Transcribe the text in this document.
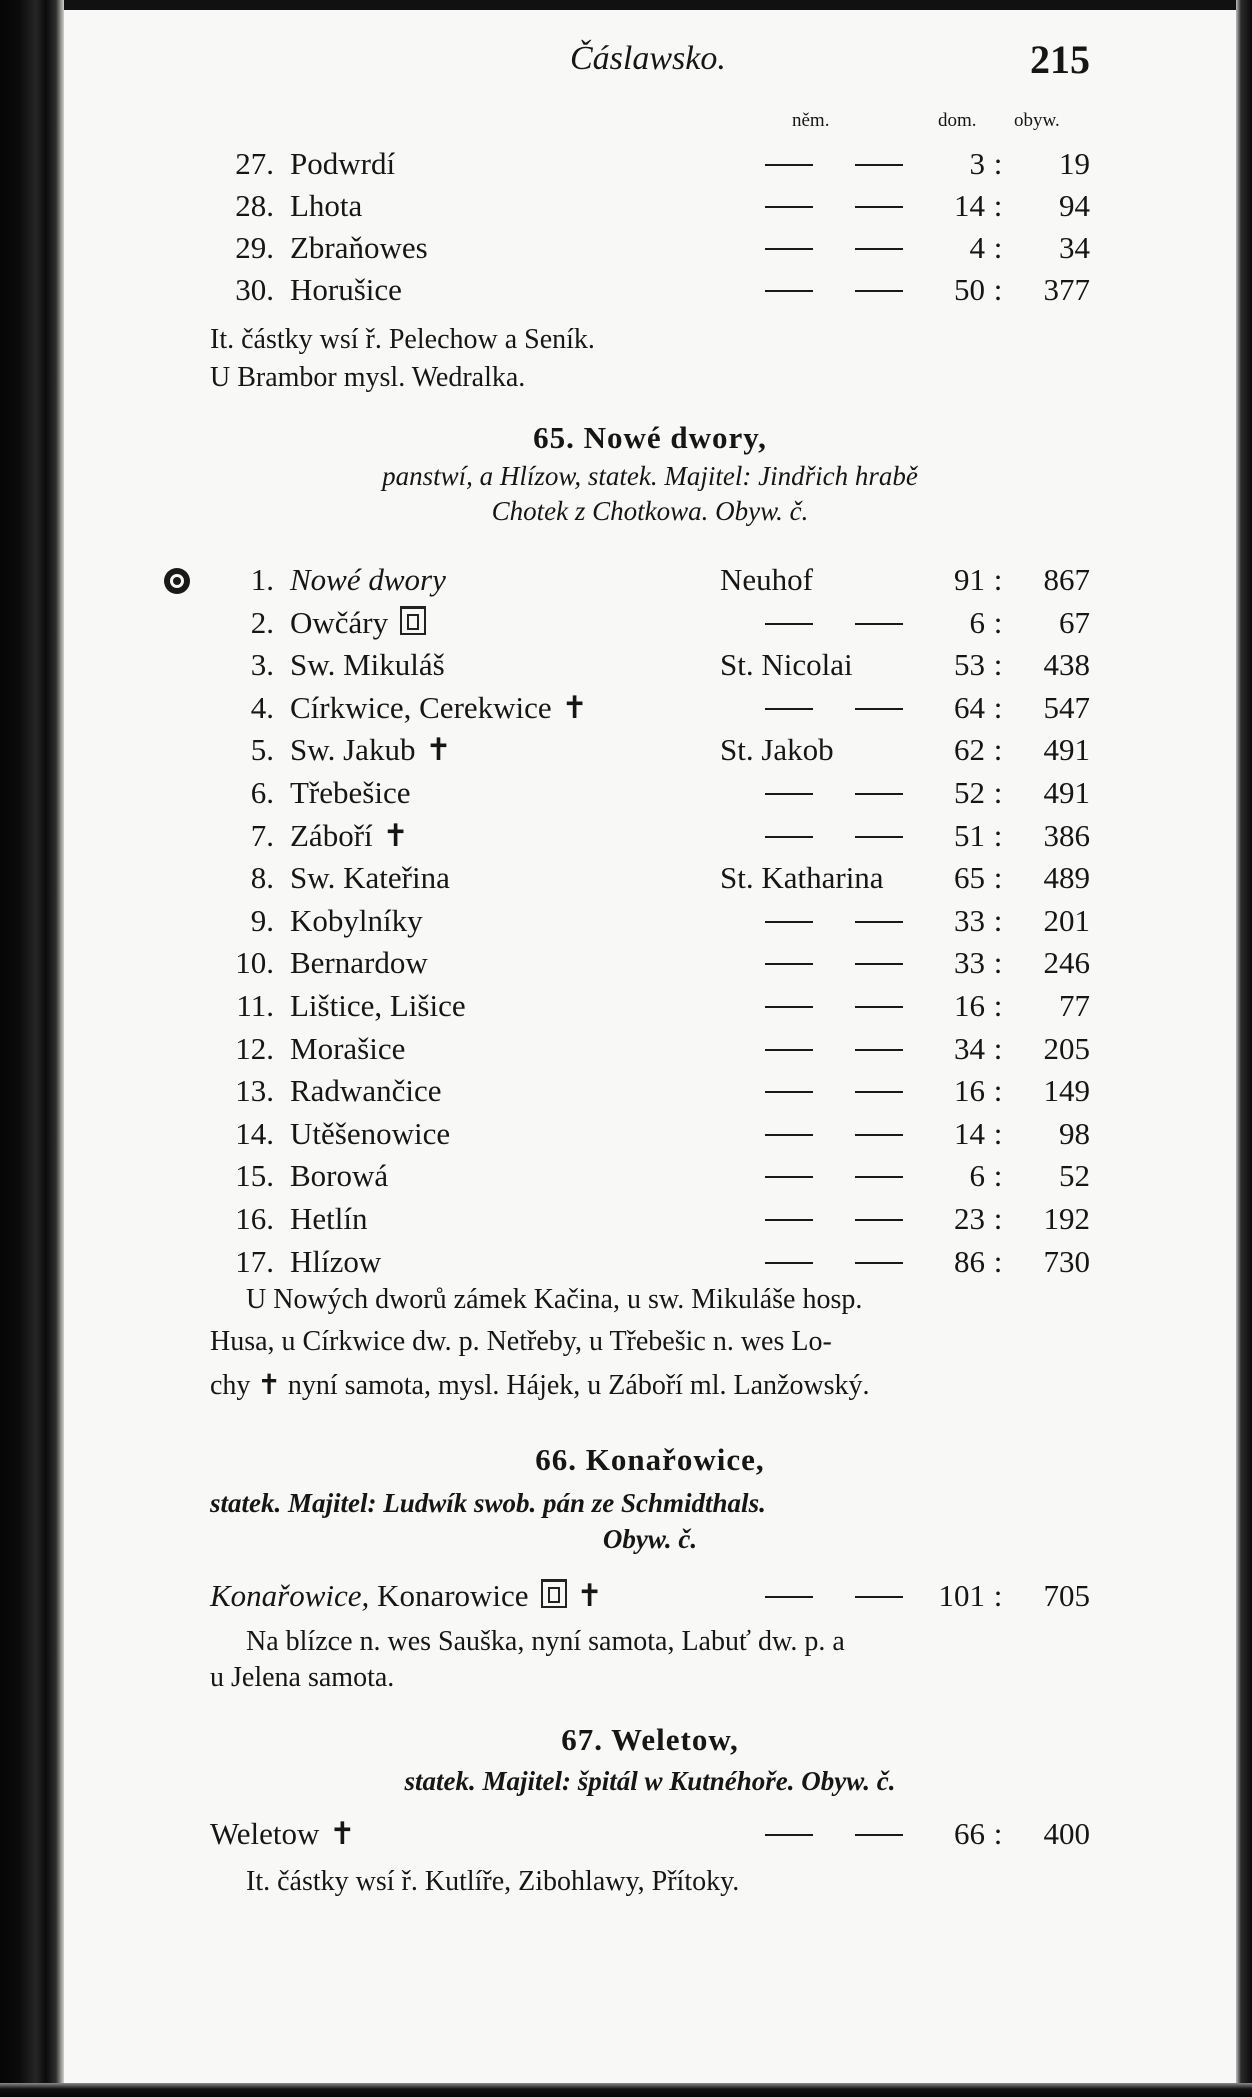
Čáslawsko.	215
něm.	dom. obyw.
27. Podwrdí	3 :	19
28. Lhota	14 :	94
29. Zbraňowes	4 :	34
30. Horušice	50 :	377
It. částky wsí ř. Pelechow a Seník.
U Brambor mysl. Wedralka.
65. Nowé dwory,
panstwí, a Hlízow, statek. Majitel: Jindřich hrabě
Chotek z Chotkowa. Obyw. č.
1. Nowé dwory	Neuhof	91 :	867
2. Owčáry	6 :	67
3. Sw. Mikuláš	St. Nicolai	53 :	438
4. Církwice, Cerekwice ✝	64 :	547
5. Sw. Jakub ✝	St. Jakob	62 :	491
6. Třebešice	52 :	491
7. Záboří ✝	51 :	386
8. Sw. Kateřina	St. Katharina	65 :	489
9. Kobylníky	33 :	201
10. Bernardow	33 :	246
11. Lištice, Lišice	16 :	77
12. Morašice	34 :	205
13. Radwančice	16 :	149
14. Utěšenowice	14 :	98
15. Borowá	6 :	52
16. Hetlín	23 :	192
17. Hlízow	86 :	730
U Nowých dworů zámek Kačina, u sw. Mikuláše hosp.
Husa, u Církwice dw. p. Netřeby, u Třebešic n. wes Lo-
chy ✝ nyní samota, mysl. Hájek, u Záboří ml. Lanžowský.
66. Konařowice,
statek. Majitel: Ludwík swob. pán ze Schmidthals.
Obyw. č.
Konařowice, Konarowice ✝	101 :	705
Na blízce n. wes Sauška, nyní samota, Labuť dw. p. a
u Jelena samota.
67. Weletow,
statek. Majitel: špitál w Kutnéhoře. Obyw. č.
Weletow ✝	66 :	400
It. částky wsí ř. Kutlíře, Zibohlawy, Přítoky.
